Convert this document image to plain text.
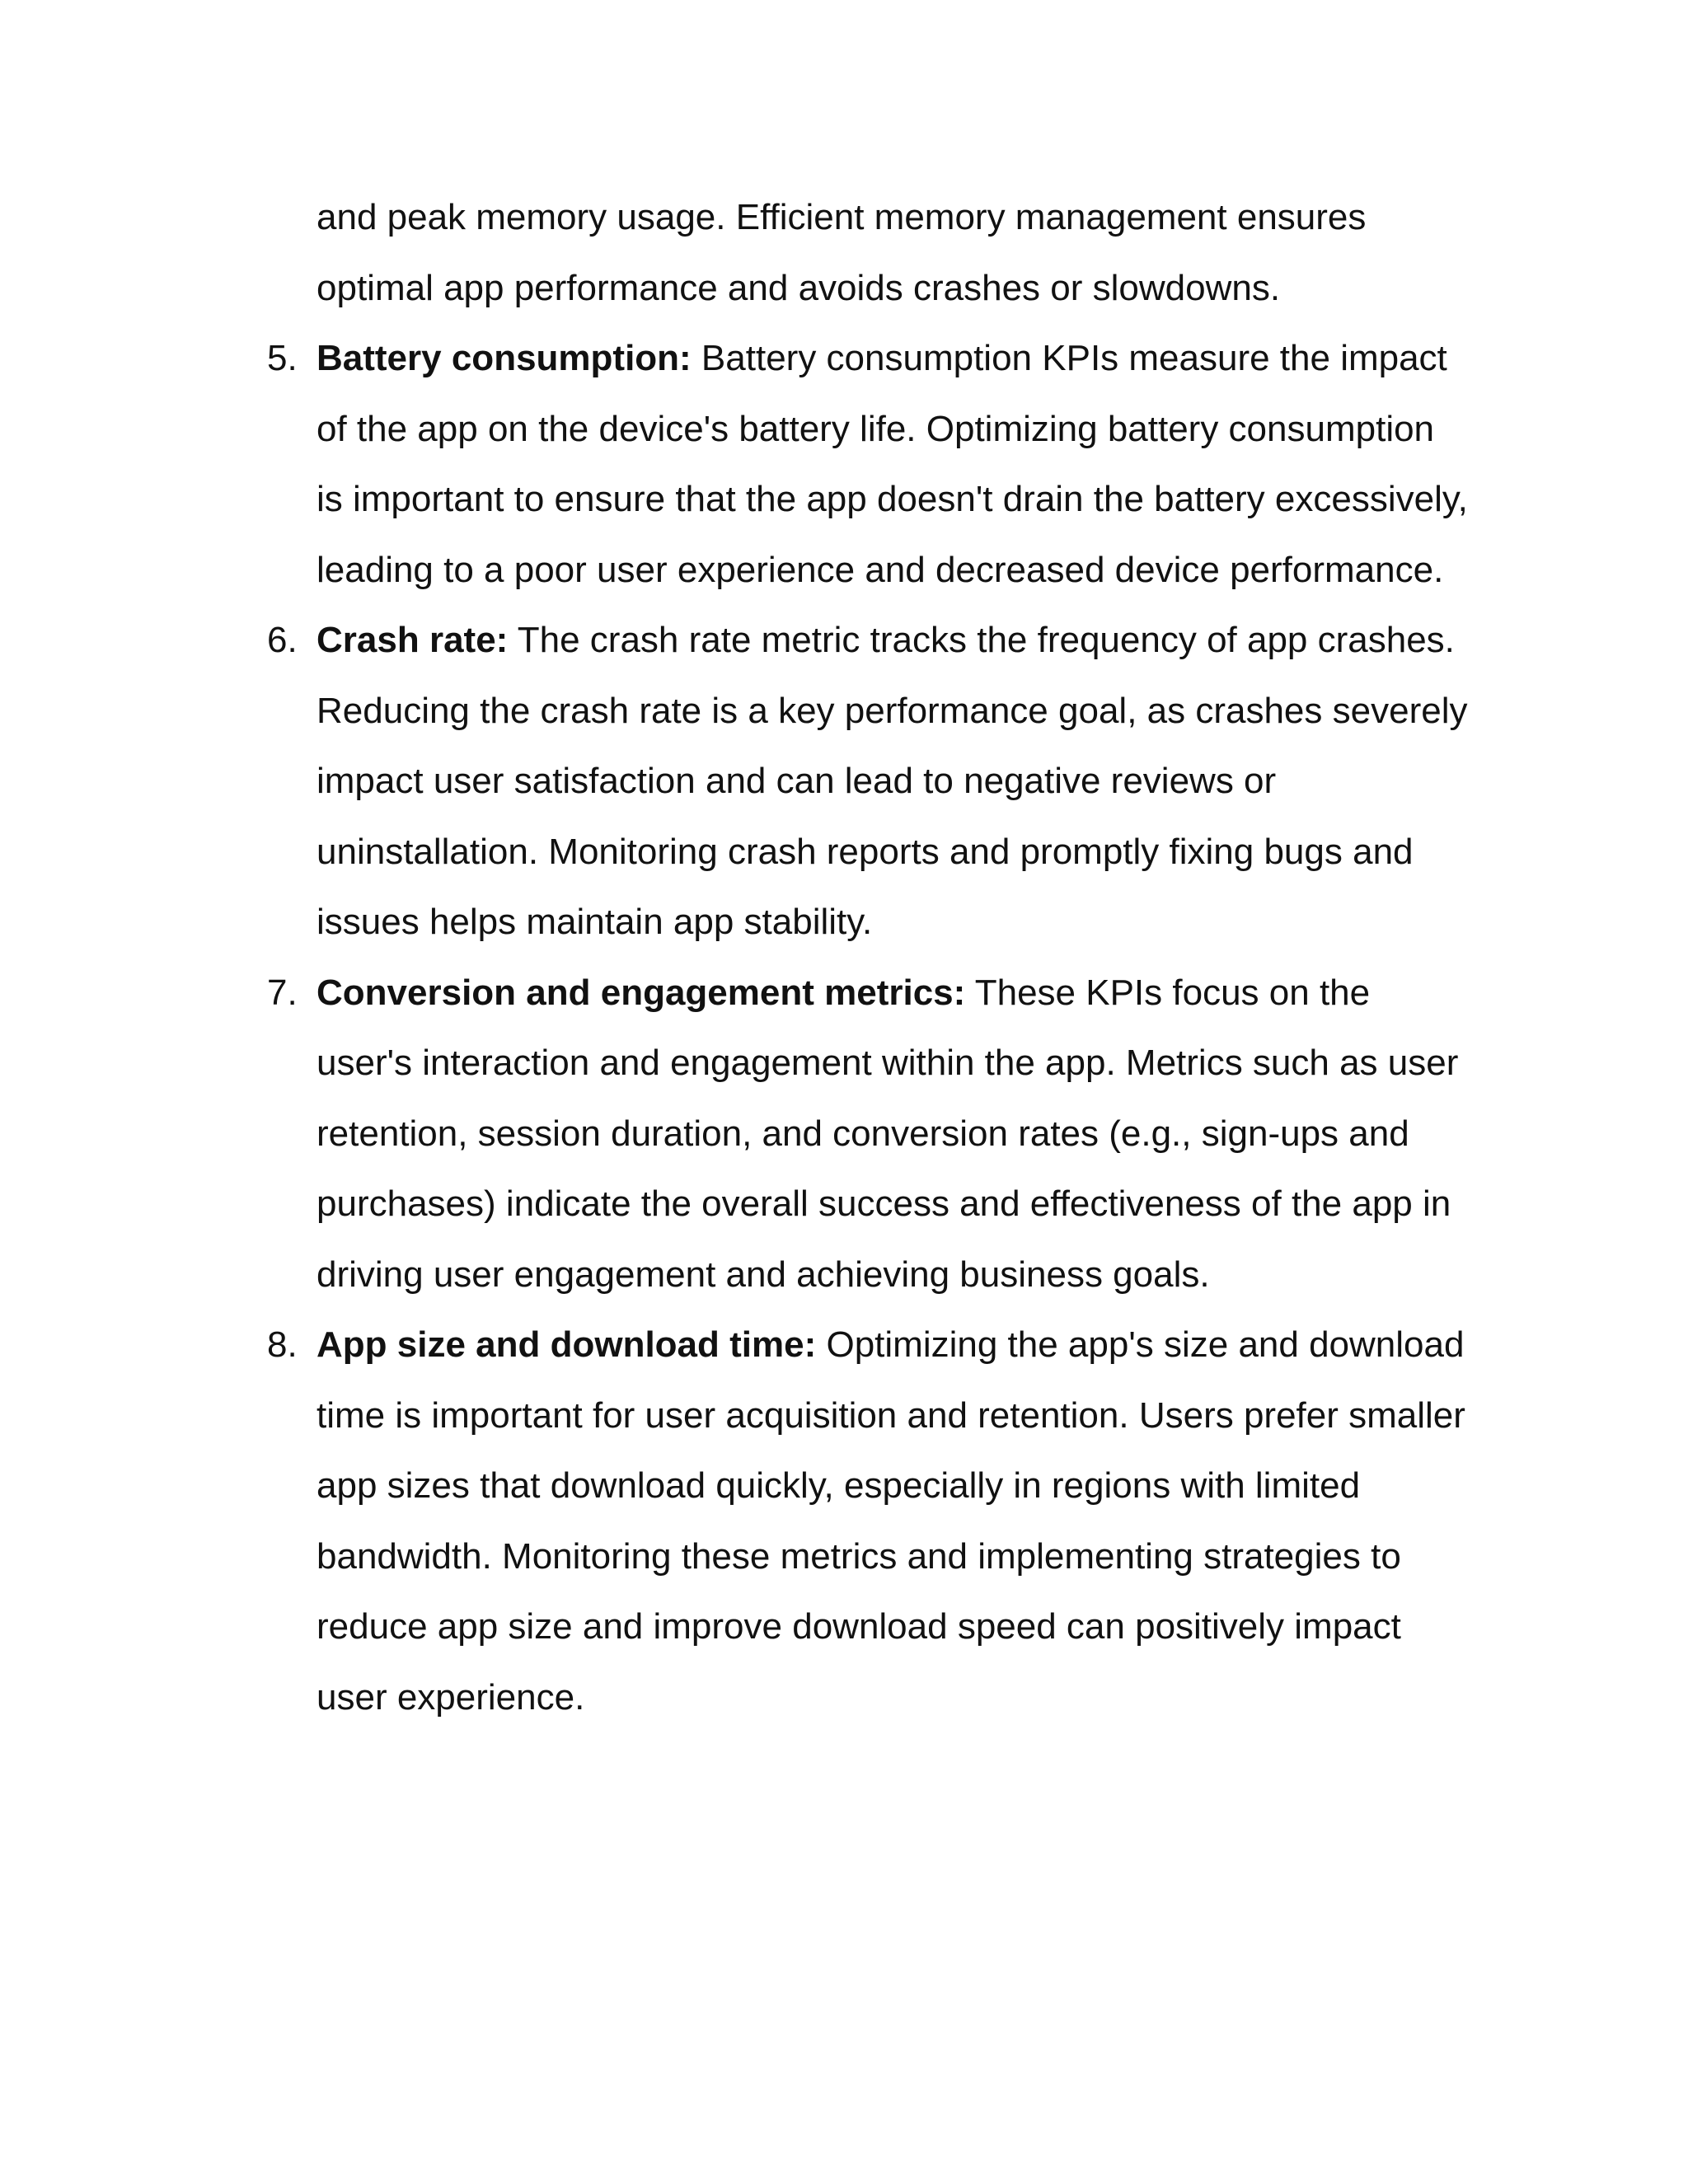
and peak memory usage. Efficient memory management ensures optimal app performance and avoids crashes or slowdowns.

5. Battery consumption: Battery consumption KPIs measure the impact of the app on the device's battery life. Optimizing battery consumption is important to ensure that the app doesn't drain the battery excessively, leading to a poor user experience and decreased device performance.
6. Crash rate: The crash rate metric tracks the frequency of app crashes. Reducing the crash rate is a key performance goal, as crashes severely impact user satisfaction and can lead to negative reviews or uninstallation. Monitoring crash reports and promptly fixing bugs and issues helps maintain app stability.
7. Conversion and engagement metrics: These KPIs focus on the user's interaction and engagement within the app. Metrics such as user retention, session duration, and conversion rates (e.g., sign-ups and purchases) indicate the overall success and effectiveness of the app in driving user engagement and achieving business goals.
8. App size and download time: Optimizing the app's size and download time is important for user acquisition and retention. Users prefer smaller app sizes that download quickly, especially in regions with limited bandwidth. Monitoring these metrics and implementing strategies to reduce app size and improve download speed can positively impact user experience.
